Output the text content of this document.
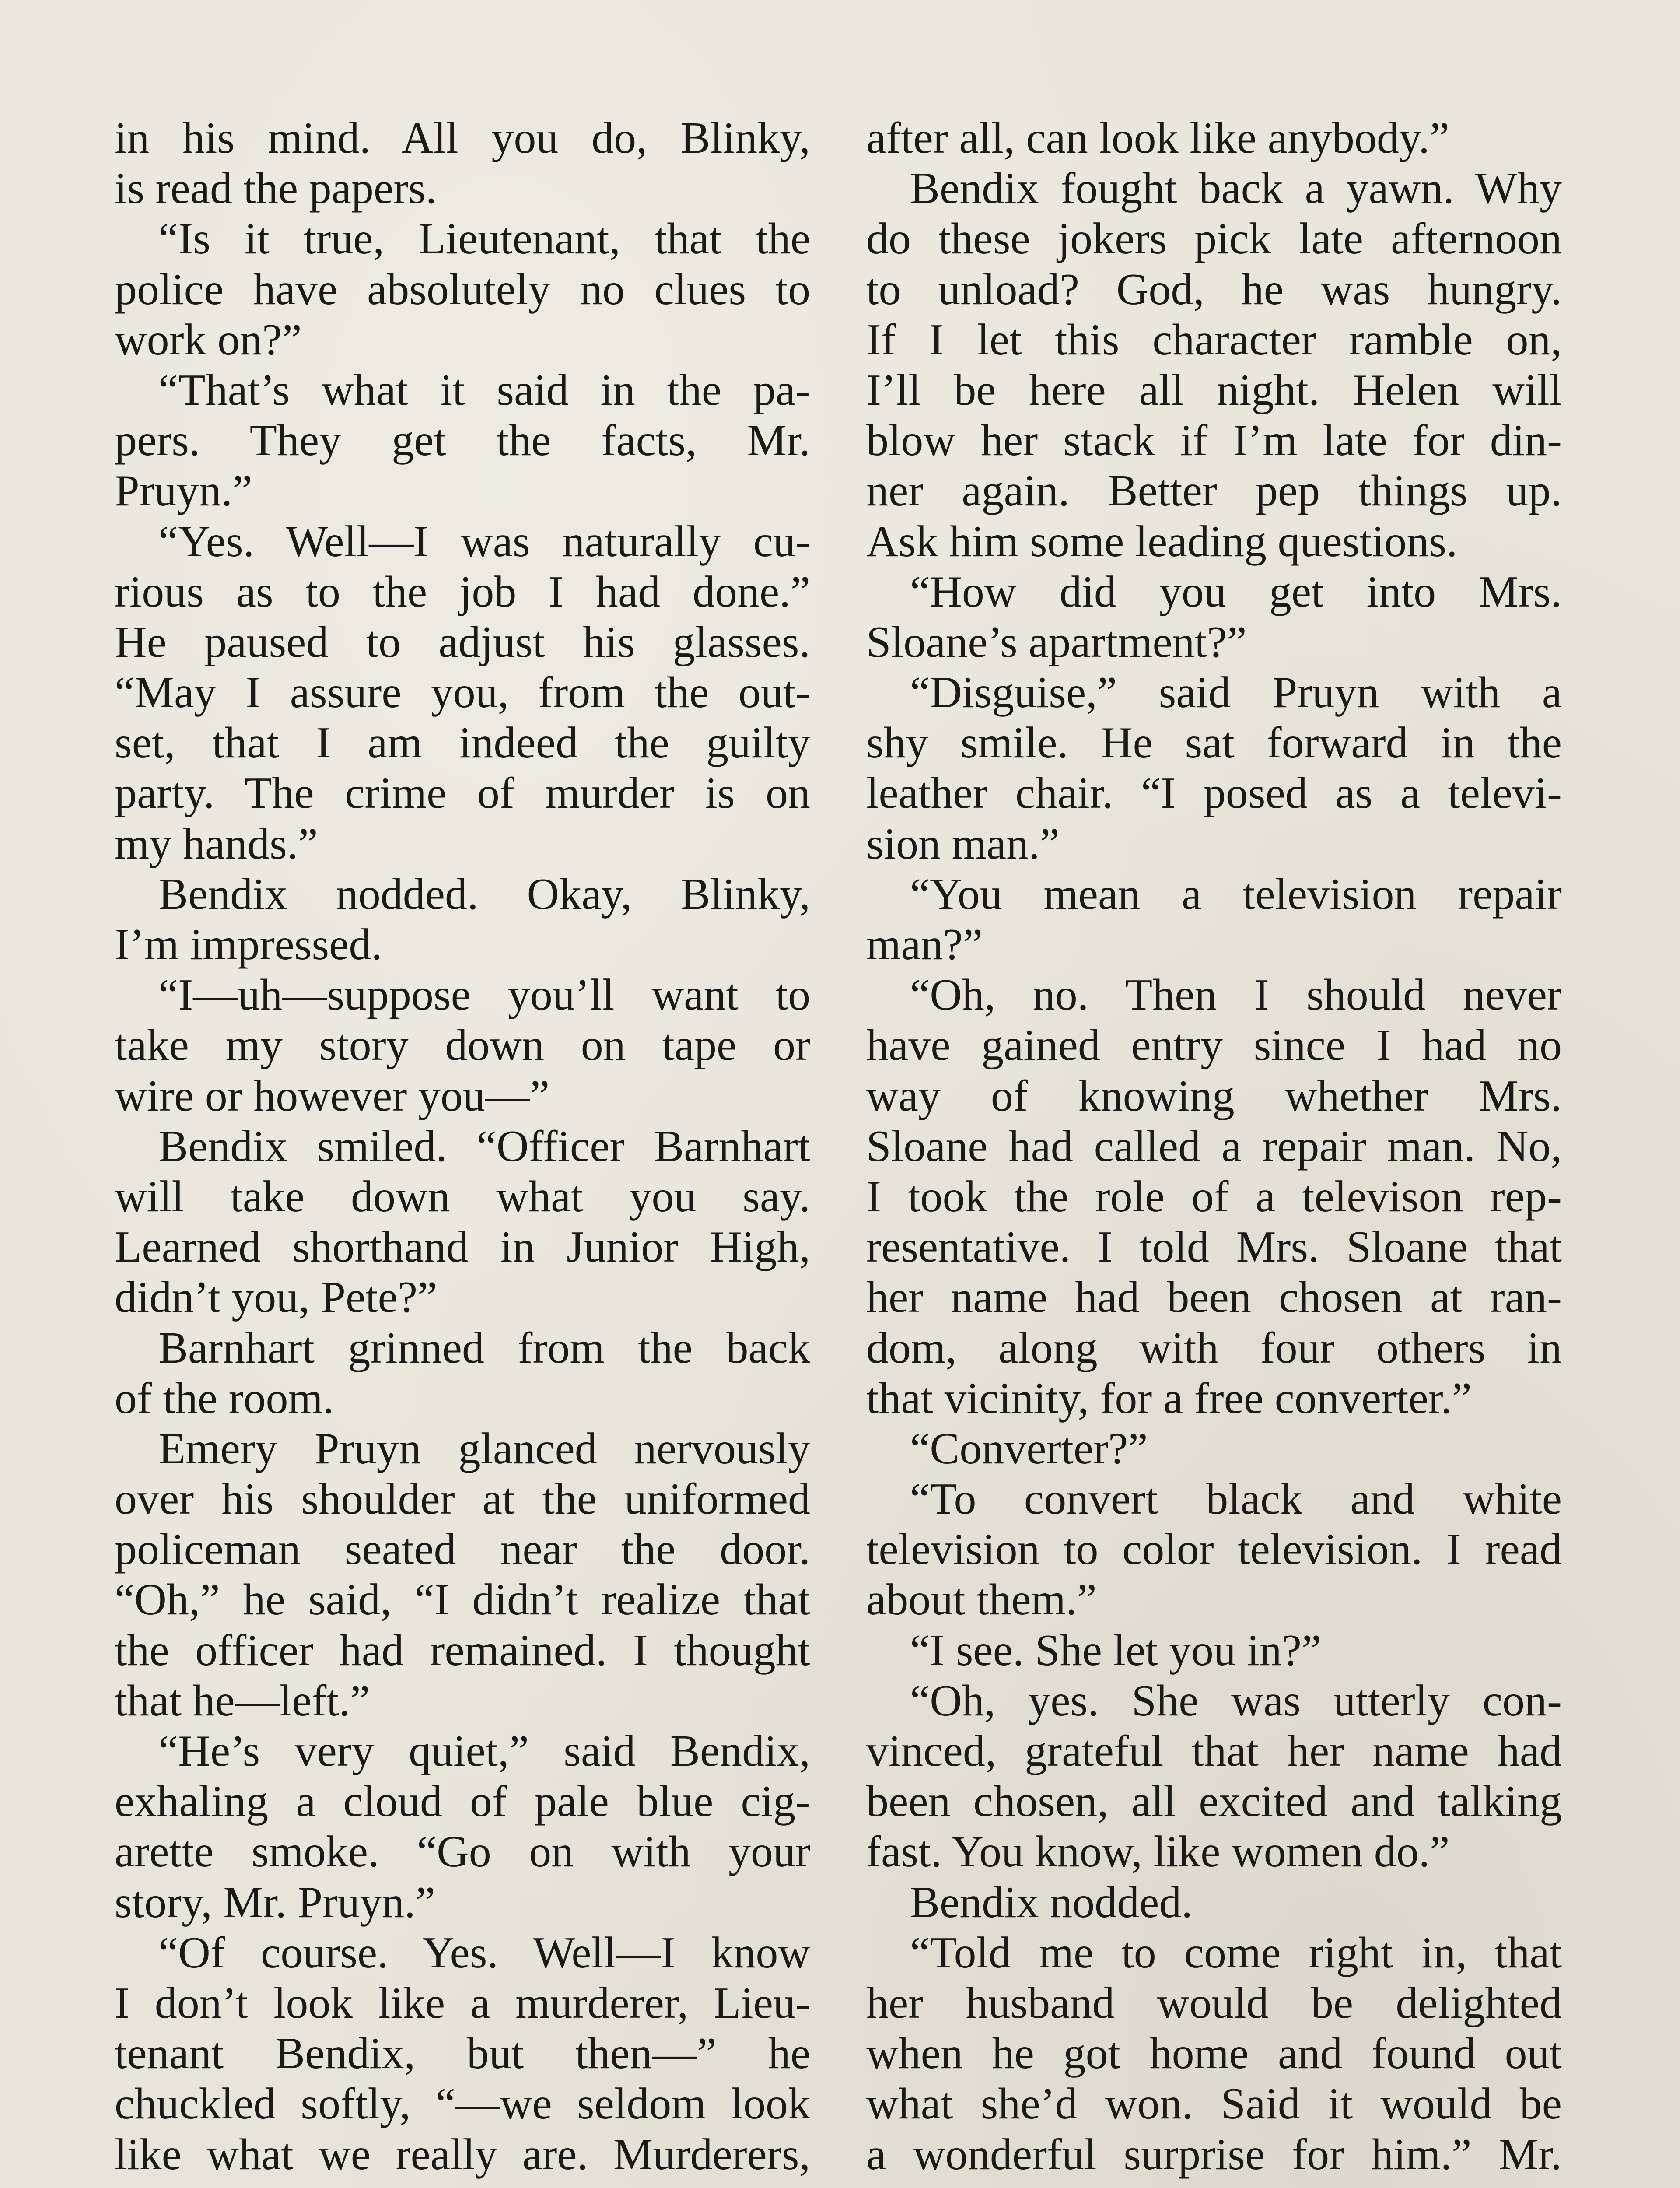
in his mind. All you do, Blinky,
is read the papers.
“Is it true, Lieutenant, that the
police have absolutely no clues to
work on?”
“That’s what it said in the pa-
pers. They get the facts, Mr.
Pruyn.”
“Yes. Well—I was naturally cu-
rious as to the job I had done.”
He paused to adjust his glasses.
“May I assure you, from the out-
set, that I am indeed the guilty
party. The crime of murder is on
my hands.”
Bendix nodded. Okay, Blinky,
I’m impressed.
“I—uh—suppose you’ll want to
take my story down on tape or
wire or however you—”
Bendix smiled. “Officer Barnhart
will take down what you say.
Learned shorthand in Junior High,
didn’t you, Pete?”
Barnhart grinned from the back
of the room.
Emery Pruyn glanced nervously
over his shoulder at the uniformed
policeman seated near the door.
“Oh,” he said, “I didn’t realize that
the officer had remained. I thought
that he—left.”
“He’s very quiet,” said Bendix,
exhaling a cloud of pale blue cig-
arette smoke. “Go on with your
story, Mr. Pruyn.”
“Of course. Yes. Well—I know
I don’t look like a murderer, Lieu-
tenant Bendix, but then—” he
chuckled softly, “—we seldom look
like what we really are. Murderers,
after all, can look like anybody.”
Bendix fought back a yawn. Why
do these jokers pick late afternoon
to unload? God, he was hungry.
If I let this character ramble on,
I’ll be here all night. Helen will
blow her stack if I’m late for din-
ner again. Better pep things up.
Ask him some leading questions.
“How did you get into Mrs.
Sloane’s apartment?”
“Disguise,” said Pruyn with a
shy smile. He sat forward in the
leather chair. “I posed as a televi-
sion man.”
“You mean a television repair
man?”
“Oh, no. Then I should never
have gained entry since I had no
way of knowing whether Mrs.
Sloane had called a repair man. No,
I took the role of a televison rep-
resentative. I told Mrs. Sloane that
her name had been chosen at ran-
dom, along with four others in
that vicinity, for a free converter.”
“Converter?”
“To convert black and white
television to color television. I read
about them.”
“I see. She let you in?”
“Oh, yes. She was utterly con-
vinced, grateful that her name had
been chosen, all excited and talking
fast. You know, like women do.”
Bendix nodded.
“Told me to come right in, that
her husband would be delighted
when he got home and found out
what she’d won. Said it would be
a wonderful surprise for him.” Mr.
